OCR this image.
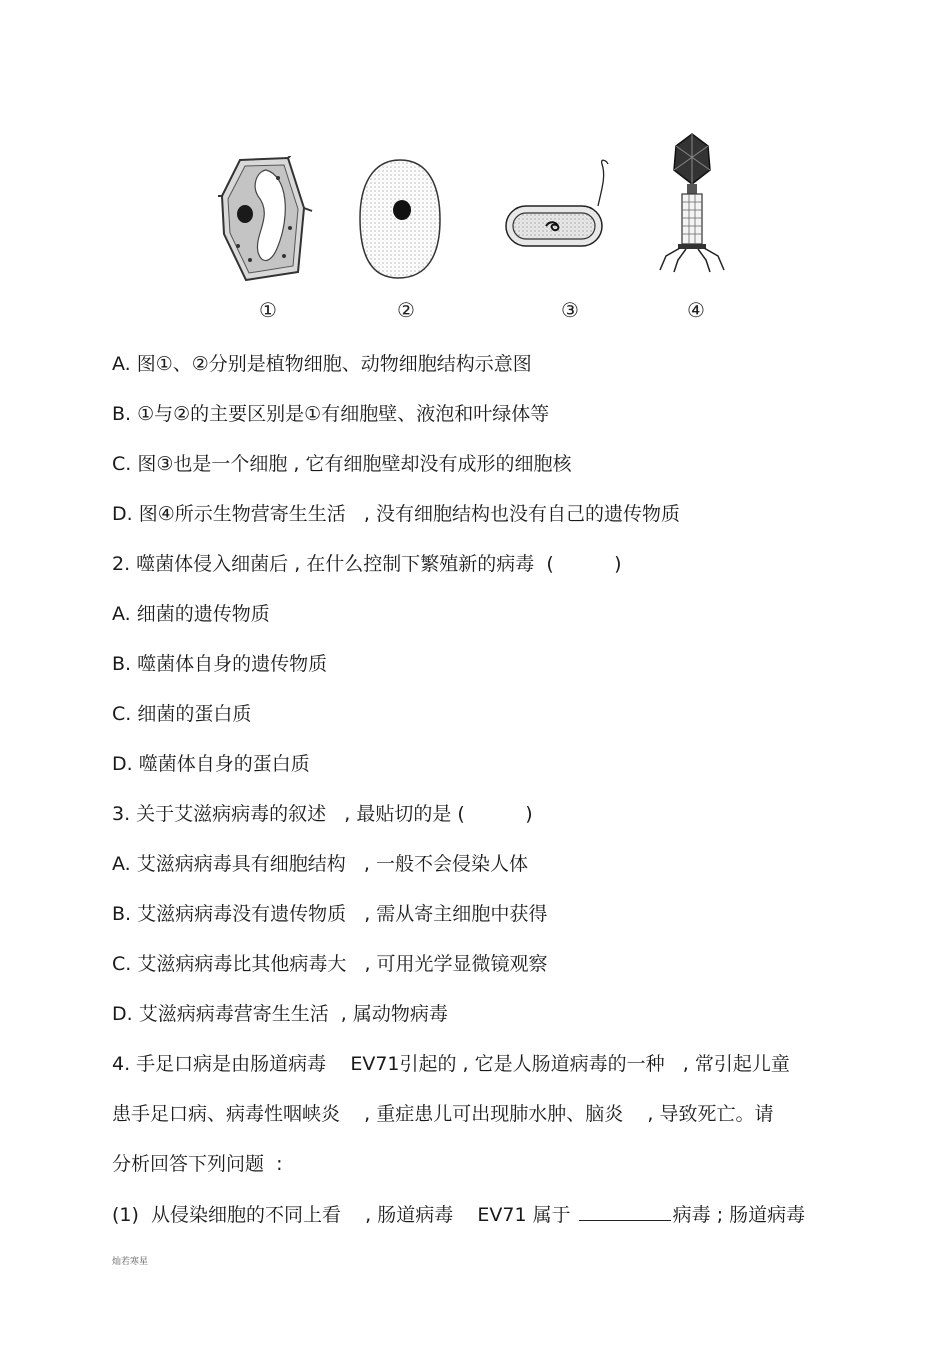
①	②	③	④
A. 图①、②分别是植物细胞、动物细胞结构示意图
B. ①与②的主要区别是①有细胞壁、液泡和叶绿体等
C. 图③也是一个细胞 , 它有细胞壁却没有成形的细胞核
D. 图④所示生物营寄生生活   , 没有细胞结构也没有自己的遗传物质
2. 噬菌体侵入细菌后 , 在什么控制下繁殖新的病毒  (          )
A. 细菌的遗传物质
B. 噬菌体自身的遗传物质
C. 细菌的蛋白质
D. 噬菌体自身的蛋白质
3. 关于艾滋病病毒的叙述   , 最贴切的是 (          )
A. 艾滋病病毒具有细胞结构   , 一般不会侵染人体
B. 艾滋病病毒没有遗传物质   , 需从寄主细胞中获得
C. 艾滋病病毒比其他病毒大   , 可用光学显微镜观察
D. 艾滋病病毒营寄生生活  , 属动物病毒
4. 手足口病是由肠道病毒    EV71引起的 , 它是人肠道病毒的一种   , 常引起儿童
患手足口病、病毒性咽峡炎    , 重症患儿可出现肺水肿、脑炎    , 导致死亡。请
分析回答下列问题  :
(1)  从侵染细胞的不同上看    , 肠道病毒    EV71 属于	病毒 ; 肠道病毒
灿若寒星
